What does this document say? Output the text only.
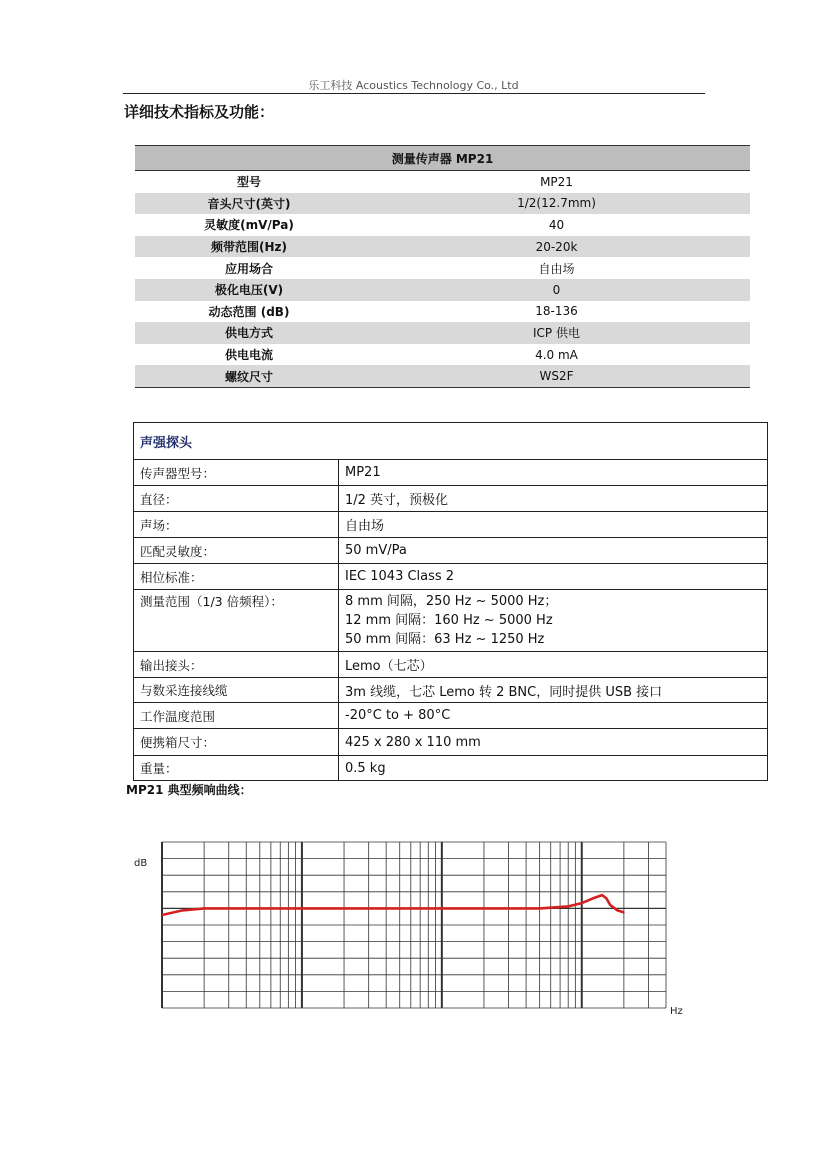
乐工科技 Acoustics Technology Co., Ltd
详细技术指标及功能：
测量传声器 MP21	
型号	MP21
音头尺寸(英寸)	1/2(12.7mm)
灵敏度(mV/Pa)	40
频带范围(Hz)	20-20k
应用场合	自由场
极化电压(V)	0
动态范围 (dB)	18-136
供电方式	ICP 供电
供电电流	4.0 mA
螺纹尺寸	WS2F
声强探头	
传声器型号：	MP21
直径：	1/2 英寸，预极化
声场：	自由场
匹配灵敏度：	50 mV/Pa
相位标准：	IEC 1043 Class 2
测量范围（1/3 倍频程）：	8 mm 间隔，250 Hz ~ 5000 Hz；
12 mm 间隔：160 Hz ~ 5000 Hz
50 mm 间隔：63 Hz ~ 1250 Hz

输出接头：	Lemo（七芯）
与数采连接线缆	3m 线缆，七芯 Lemo 转 2 BNC，同时提供 USB 接口
工作温度范围	-20°C to + 80°C
便携箱尺寸：	425 x 280 x 110 mm
重量：	0.5 kg
MP21 典型频响曲线：
dB
Hz
